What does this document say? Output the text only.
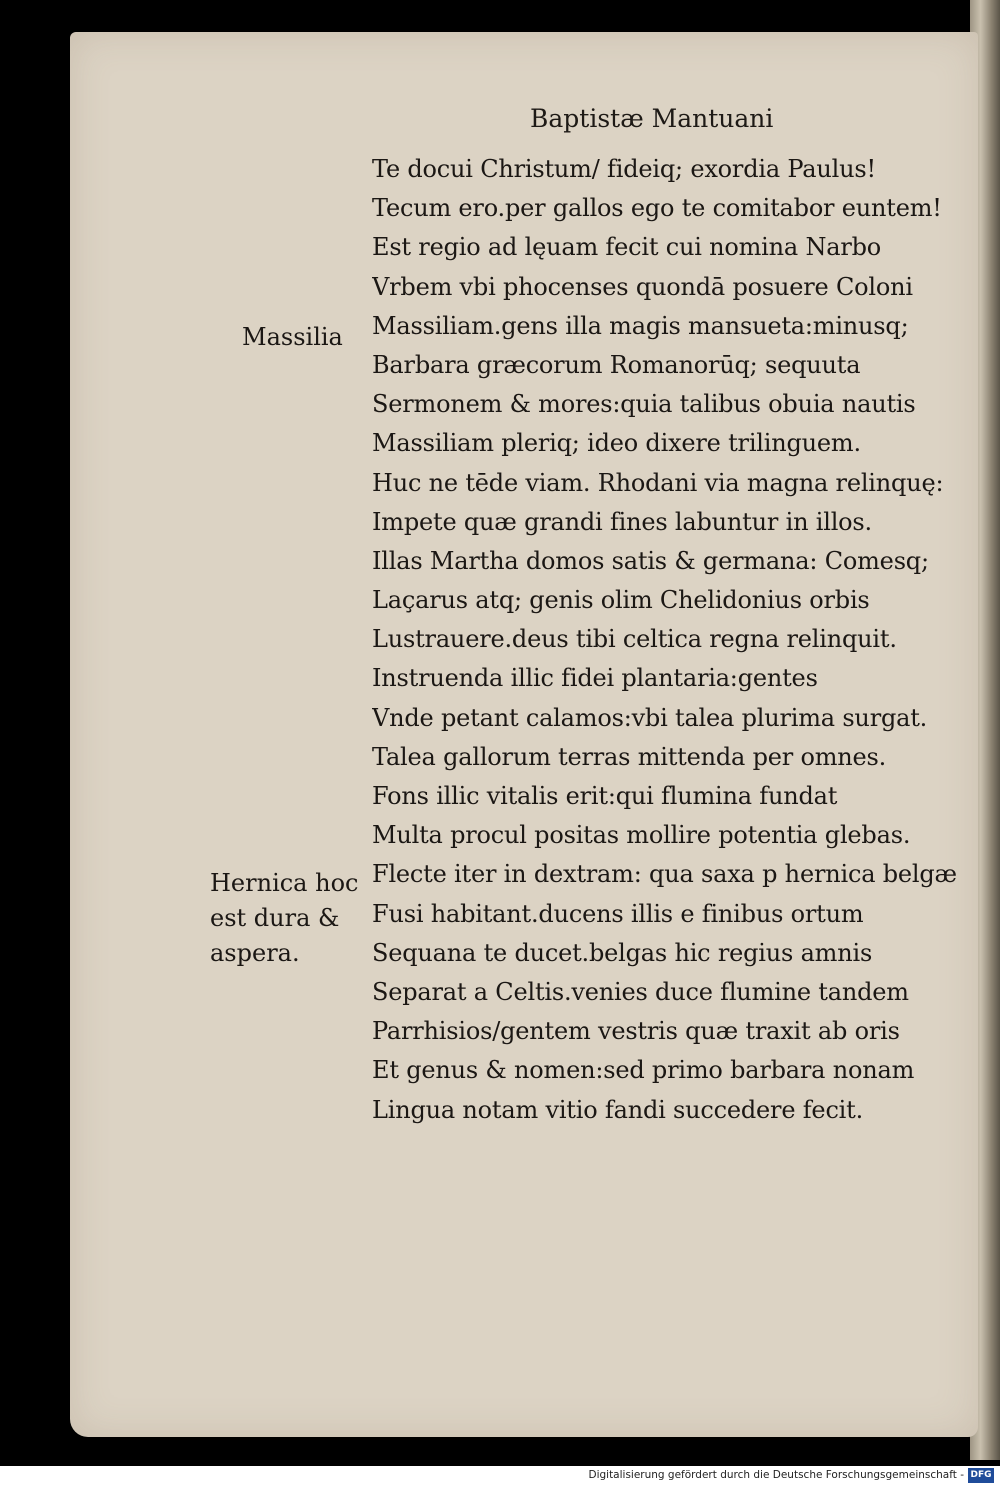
Baptistæ Mantuani
Massilia
Hernica hoc
est dura &
aspera.
Te docui Christum/ fideiq; exordia Paulus!
Tecum ero.per gallos ego te comitabor euntem!
Est regio ad lęuam fecit cui nomina Narbo
Vrbem vbi phocenses quondā posuere Coloni
Massiliam.gens illa magis mansueta:minusq;
Barbara græcorum Romanorūq; sequuta
Sermonem & mores:quia talibus obuia nautis
Massiliam pleriq; ideo dixere trilinguem.
Huc ne tēde viam. Rhodani via magna relinquę:
Impete quæ grandi fines labuntur in illos.
Illas Martha domos satis & germana: Comesq;
Laçarus atq; genis olim Chelidonius orbis
Lustrauere.deus tibi celtica regna relinquit.
Instruenda illic fidei plantaria:gentes
Vnde petant calamos:vbi talea plurima surgat.
Talea gallorum terras mittenda per omnes.
Fons illic vitalis erit:qui flumina fundat
Multa procul positas mollire potentia glebas.
Flecte iter in dextram: qua saxa p hernica belgæ
Fusi habitant.ducens illis e finibus ortum
Sequana te ducet.belgas hic regius amnis
Separat a Celtis.venies duce flumine tandem
Parrhisios/gentem vestris quæ traxit ab oris
Et genus & nomen:sed primo barbara nonam
Lingua notam vitio fandi succedere fecit.
Digitalisierung gefördert durch die Deutsche Forschungsgemeinschaft - DFG
